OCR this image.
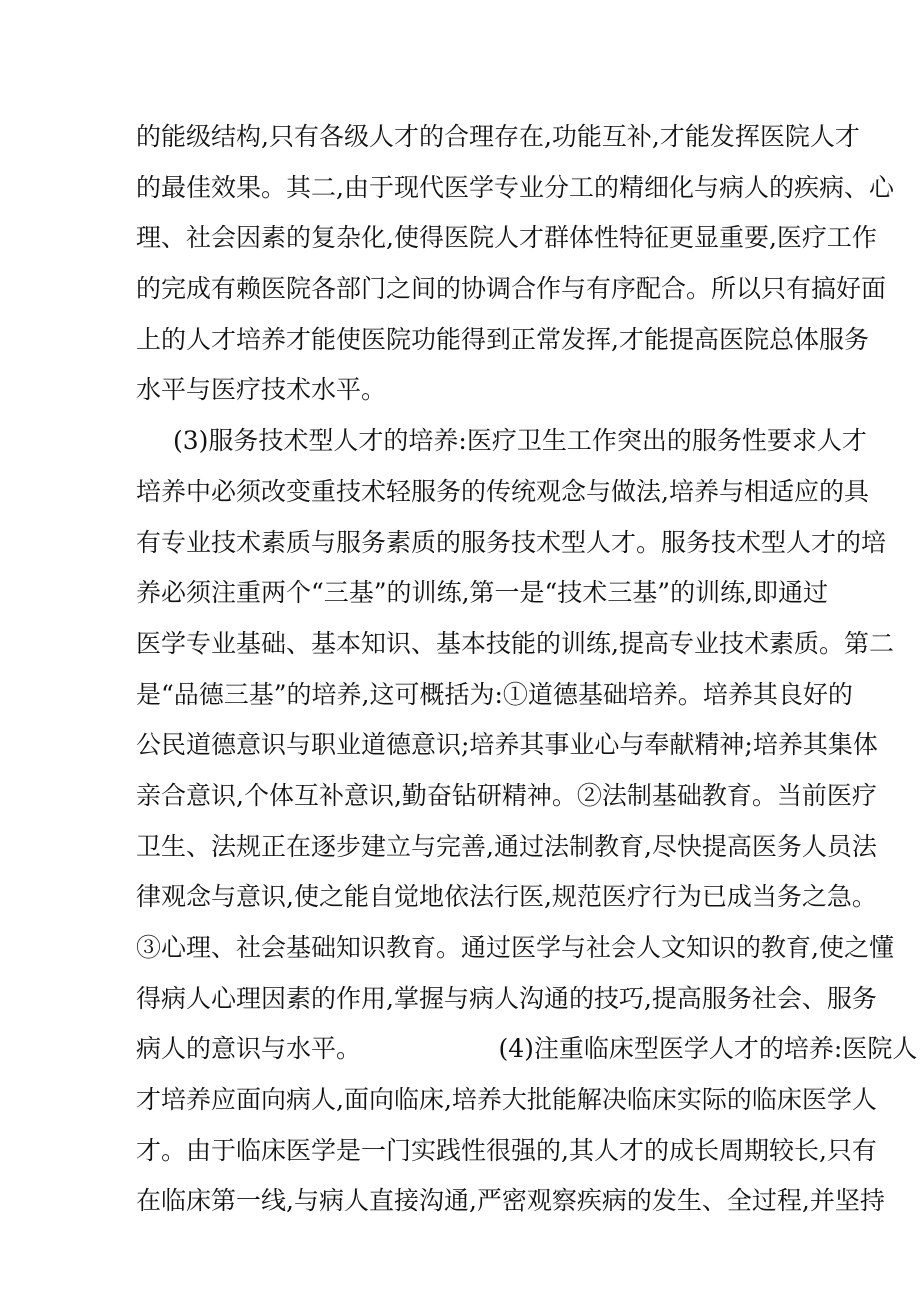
的能级结构,只有各级人才的合理存在,功能互补,才能发挥医院人才
的最佳效果。其二,由于现代医学专业分工的精细化与病人的疾病、心
理、社会因素的复杂化,使得医院人才群体性特征更显重要,医疗工作
的完成有赖医院各部门之间的协调合作与有序配合。所以只有搞好面
上的人才培养才能使医院功能得到正常发挥,才能提高医院总体服务
水平与医疗技术水平。
(3)服务技术型人才的培养:医疗卫生工作突出的服务性要求人才
培养中必须改变重技术轻服务的传统观念与做法,培养与相适应的具
有专业技术素质与服务素质的服务技术型人才。服务技术型人才的培
养必须注重两个“三基”的训练,第一是“技术三基”的训练,即通过
医学专业基础、基本知识、基本技能的训练,提高专业技术素质。第二
是“品德三基”的培养,这可概括为:①道德基础培养。培养其良好的
公民道德意识与职业道德意识;培养其事业心与奉献精神;培养其集体
亲合意识,个体互补意识,勤奋钻研精神。②法制基础教育。当前医疗
卫生、法规正在逐步建立与完善,通过法制教育,尽快提高医务人员法
律观念与意识,使之能自觉地依法行医,规范医疗行为已成当务之急。
③心理、社会基础知识教育。通过医学与社会人文知识的教育,使之懂
得病人心理因素的作用,掌握与病人沟通的技巧,提高服务社会、服务
病人的意识与水平。　　　　　　(4)注重临床型医学人才的培养:医院人
才培养应面向病人,面向临床,培养大批能解决临床实际的临床医学人
才。由于临床医学是一门实践性很强的,其人才的成长周期较长,只有
在临床第一线,与病人直接沟通,严密观察疾病的发生、全过程,并坚持
